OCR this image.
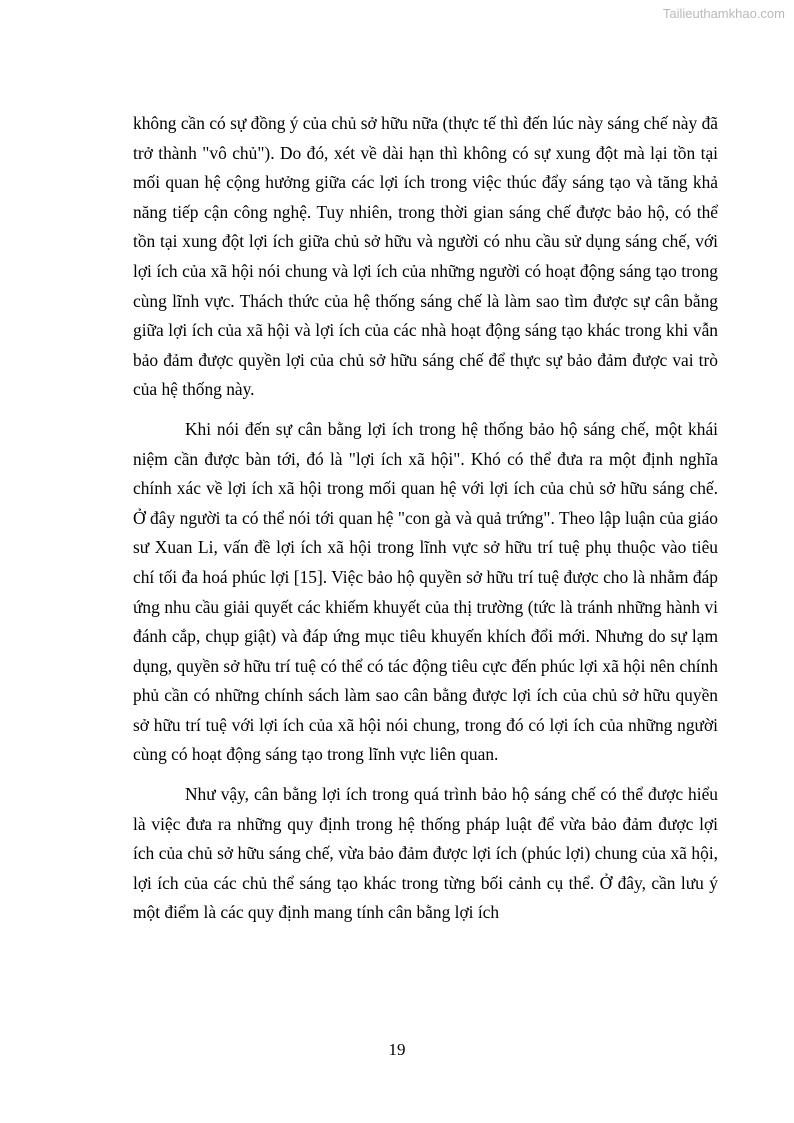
Tailieuthamkhao.com

không cần có sự đồng ý của chủ sở hữu nữa (thực tế thì đến lúc này sáng chế này đã trở thành "vô chủ"). Do đó, xét về dài hạn thì không có sự xung đột mà lại tồn tại mối quan hệ cộng hưởng giữa các lợi ích trong việc thúc đẩy sáng tạo và tăng khả năng tiếp cận công nghệ. Tuy nhiên, trong thời gian sáng chế được bảo hộ, có thể tồn tại xung đột lợi ích giữa chủ sở hữu và người có nhu cầu sử dụng sáng chế, với lợi ích của xã hội nói chung và lợi ích của những người có hoạt động sáng tạo trong cùng lĩnh vực. Thách thức của hệ thống sáng chế là làm sao tìm được sự cân bằng giữa lợi ích của xã hội và lợi ích của các nhà hoạt động sáng tạo khác trong khi vẫn bảo đảm được quyền lợi của chủ sở hữu sáng chế để thực sự bảo đảm được vai trò của hệ thống này.

Khi nói đến sự cân bằng lợi ích trong hệ thống bảo hộ sáng chế, một khái niệm cần được bàn tới, đó là "lợi ích xã hội". Khó có thể đưa ra một định nghĩa chính xác về lợi ích xã hội trong mối quan hệ với lợi ích của chủ sở hữu sáng chế. Ở đây người ta có thể nói tới quan hệ "con gà và quả trứng". Theo lập luận của giáo sư Xuan Li, vấn đề lợi ích xã hội trong lĩnh vực sở hữu trí tuệ phụ thuộc vào tiêu chí tối đa hoá phúc lợi [15]. Việc bảo hộ quyền sở hữu trí tuệ được cho là nhằm đáp ứng nhu cầu giải quyết các khiếm khuyết của thị trường (tức là tránh những hành vi đánh cắp, chụp giật) và đáp ứng mục tiêu khuyến khích đổi mới. Nhưng do sự lạm dụng, quyền sở hữu trí tuệ có thể có tác động tiêu cực đến phúc lợi xã hội nên chính phủ cần có những chính sách làm sao cân bằng được lợi ích của chủ sở hữu quyền sở hữu trí tuệ với lợi ích của xã hội nói chung, trong đó có lợi ích của những người cùng có hoạt động sáng tạo trong lĩnh vực liên quan.

Như vậy, cân bằng lợi ích trong quá trình bảo hộ sáng chế có thể được hiểu là việc đưa ra những quy định trong hệ thống pháp luật để vừa bảo đảm được lợi ích của chủ sở hữu sáng chế, vừa bảo đảm được lợi ích (phúc lợi) chung của xã hội, lợi ích của các chủ thể sáng tạo khác trong từng bối cảnh cụ thể. Ở đây, cần lưu ý một điểm là các quy định mang tính cân bằng lợi ích

19
